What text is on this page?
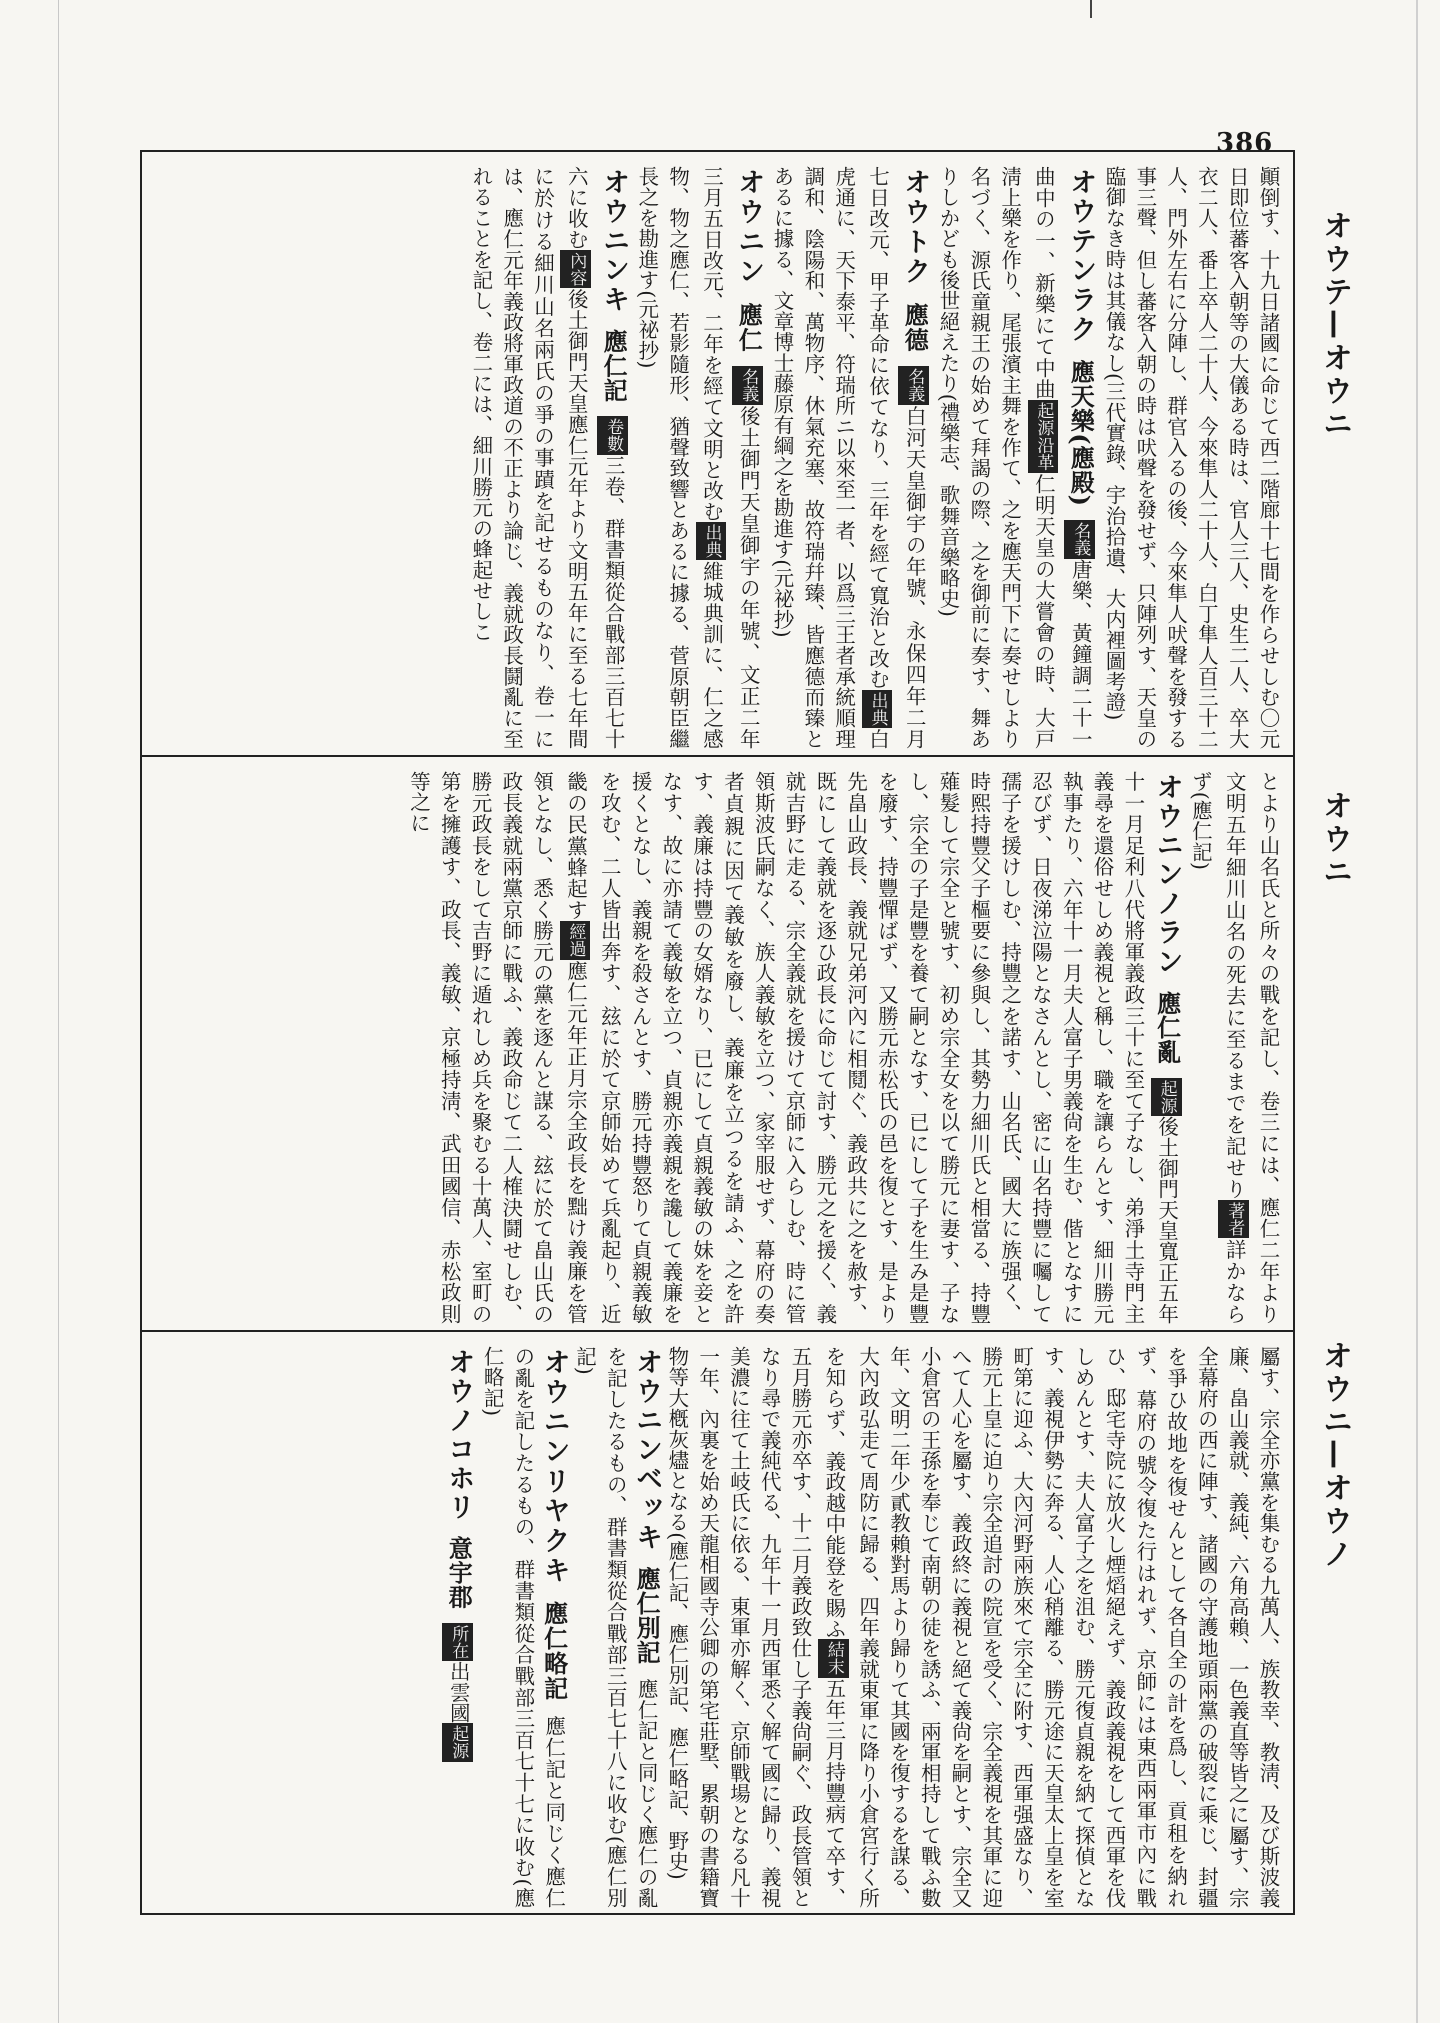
386
オウテ—オウニ
オウニ
オウニ—オウノ
顚倒す、十九日諸國に命じて西二階廊十七間を作らせしむ〇元日即位蕃客入朝等の大儀ある時は、官人三人、史生二人、卒大衣二人、番上卒人二十人、今來隼人二十人、白丁隼人百三十二人、門外左右に分陣し、群官入るの後、今來隼人吠聲を發する事三聲、但し蕃客入朝の時は吠聲を發せず、只陣列す、天皇の臨御なき時は其儀なし(三代實錄、宇治拾遺、大内裡圖考證)
オウテンラク應天樂(應殿)名義唐樂、黃鐘調二十一曲中の一、新樂にて中曲起源沿革仁明天皇の大嘗會の時、大戸淸上樂を作り、尾張濱主舞を作て、之を應天門下に奏せしより名づく、源氏童親王の始めて拜謁の際、之を御前に奏す、舞ありしかども後世絕えたり(禮樂志、歌舞音樂略史)
オウトク應德名義白河天皇御宇の年號、永保四年二月七日改元、甲子革命に依てなり、三年を經て寬治と改む出典白虎通に、天下泰平、符瑞所ニ以來至一者、以爲三王者承統順理調和、陰陽和、萬物序、休氣充塞、故符瑞幷臻、皆應德而臻とあるに據る、文章博士藤原有綱之を勘進す(元祕抄)
オウニン應仁名義後土御門天皇御宇の年號、文正二年三月五日改元、二年を經て文明と改む出典維城典訓に、仁之感物、物之應仁、若影隨形、猶聲致響とあるに據る、菅原朝臣繼長之を勘進す(元祕抄)
オウニンキ應仁記卷數三卷、群書類從合戰部三百七十六に收む內容後土御門天皇應仁元年より文明五年に至る七年間に於ける細川山名兩氏の爭の事蹟を記せるものなり、卷一には、應仁元年義政將軍政道の不正より論じ、義就政長鬪亂に至れることを記し、卷二には、細川勝元の蜂起せしこ
とより山名氏と所々の戰を記し、卷三には、應仁二年より文明五年細川山名の死去に至るまでを記せり著者詳かならず(應仁記)
オウニンノラン應仁亂起源後土御門天皇寬正五年十一月足利八代將軍義政三十に至て子なし、弟淨土寺門主義尋を還俗せしめ義視と稱し、職を讓らんとす、細川勝元執事たり、六年十一月夫人富子男義尙を生む、偕となすに忍びず、日夜涕泣陽となさんとし、密に山名持豐に囑して孺子を援けしむ、持豐之を諾す、山名氏、國大に族强く、時熙持豐父子樞要に參與し、其勢力細川氏と相當る、持豐薙髮して宗全と號す、初め宗全女を以て勝元に妻す、子なし、宗全の子是豐を養て嗣となす、已にして子を生み是豐を廢す、持豐憚ばず、又勝元赤松氏の邑を復とす、是より先畠山政長、義就兄弟河內に相鬩ぐ、義政共に之を赦す、既にして義就を逐ひ政長に命じて討す、勝元之を援く、義就吉野に走る、宗全義就を援けて京師に入らしむ、時に管領斯波氏嗣なく、族人義敏を立つ、家宰服せず、幕府の奏者貞親に因て義敏を廢し、義廉を立つるを請ふ、之を許す、義廉は持豐の女婿なり、已にして貞親義敏の妹を妾となす、故に亦請て義敏を立つ、貞親亦義親を讒して義廉を援くとなし、義親を殺さんとす、勝元持豐怒りて貞親義敏を攻む、二人皆出奔す、玆に於て京師始めて兵亂起り、近畿の民黨蜂起す經過應仁元年正月宗全政長を黜け義廉を管領となし、悉く勝元の黨を逐んと謀る、玆に於て畠山氏の政長義就兩黨京師に戰ふ、義政命じて二人榷決鬪せしむ、勝元政長をして吉野に遁れしめ兵を聚むる十萬人、室町の第を擁護す、政長、義敏、京極持淸、武田國信、赤松政則等之に
屬す、宗全亦黨を集むる九萬人、族教幸、教淸、及び斯波義廉、畠山義就、義純、六角高賴、一色義直等皆之に屬す、宗全幕府の西に陣す、諸國の守護地頭兩黨の破裂に乘じ、封疆を爭ひ故地を復せんとして各自全の計を爲し、貢租を納れず、幕府の號令復た行はれず、京師には東西兩軍市內に戰ひ、邸宅寺院に放火し煙熖絕えず、義政義視をして西軍を伐しめんとす、夫人富子之を沮む、勝元復貞親を納て探偵となす、義視伊勢に奔る、人心稍離る、勝元途に天皇太上皇を室町第に迎ふ、大內河野兩族來て宗全に附す、西軍强盛なり、勝元上皇に迫り宗全追討の院宣を受く、宗全義視を其軍に迎へて人心を屬す、義政終に義視と絕て義尙を嗣とす、宗全又小倉宮の王孫を奉じて南朝の徒を誘ふ、兩軍相持して戰ふ數年、文明二年少貳教賴對馬より歸りて其國を復するを謀る、大內政弘走て周防に歸る、四年義就東軍に降り小倉宮行く所を知らず、義政越中能登を賜ふ結末五年三月持豐病て卒す、五月勝元亦卒す、十二月義政致仕し子義尙嗣ぐ、政長管領となり尋で義純代る、九年十一月西軍悉く解て國に歸り、義視美濃に往て土岐氏に依る、東軍亦解く、京師戰場となる凡十一年、內裏を始め天龍相國寺公卿の第宅莊墅、累朝の書籍寶物等大槪灰燼となる(應仁記、應仁別記、應仁略記、野史)
オウニンベッキ應仁別記應仁記と同じく應仁の亂を記したるもの、群書類從合戰部三百七十八に收む(應仁別記)
オウニンリヤクキ應仁略記應仁記と同じく應仁の亂を記したるもの、群書類從合戰部三百七十七に收む(應仁略記)
オウノコホリ意宇郡所在出雲國起源
